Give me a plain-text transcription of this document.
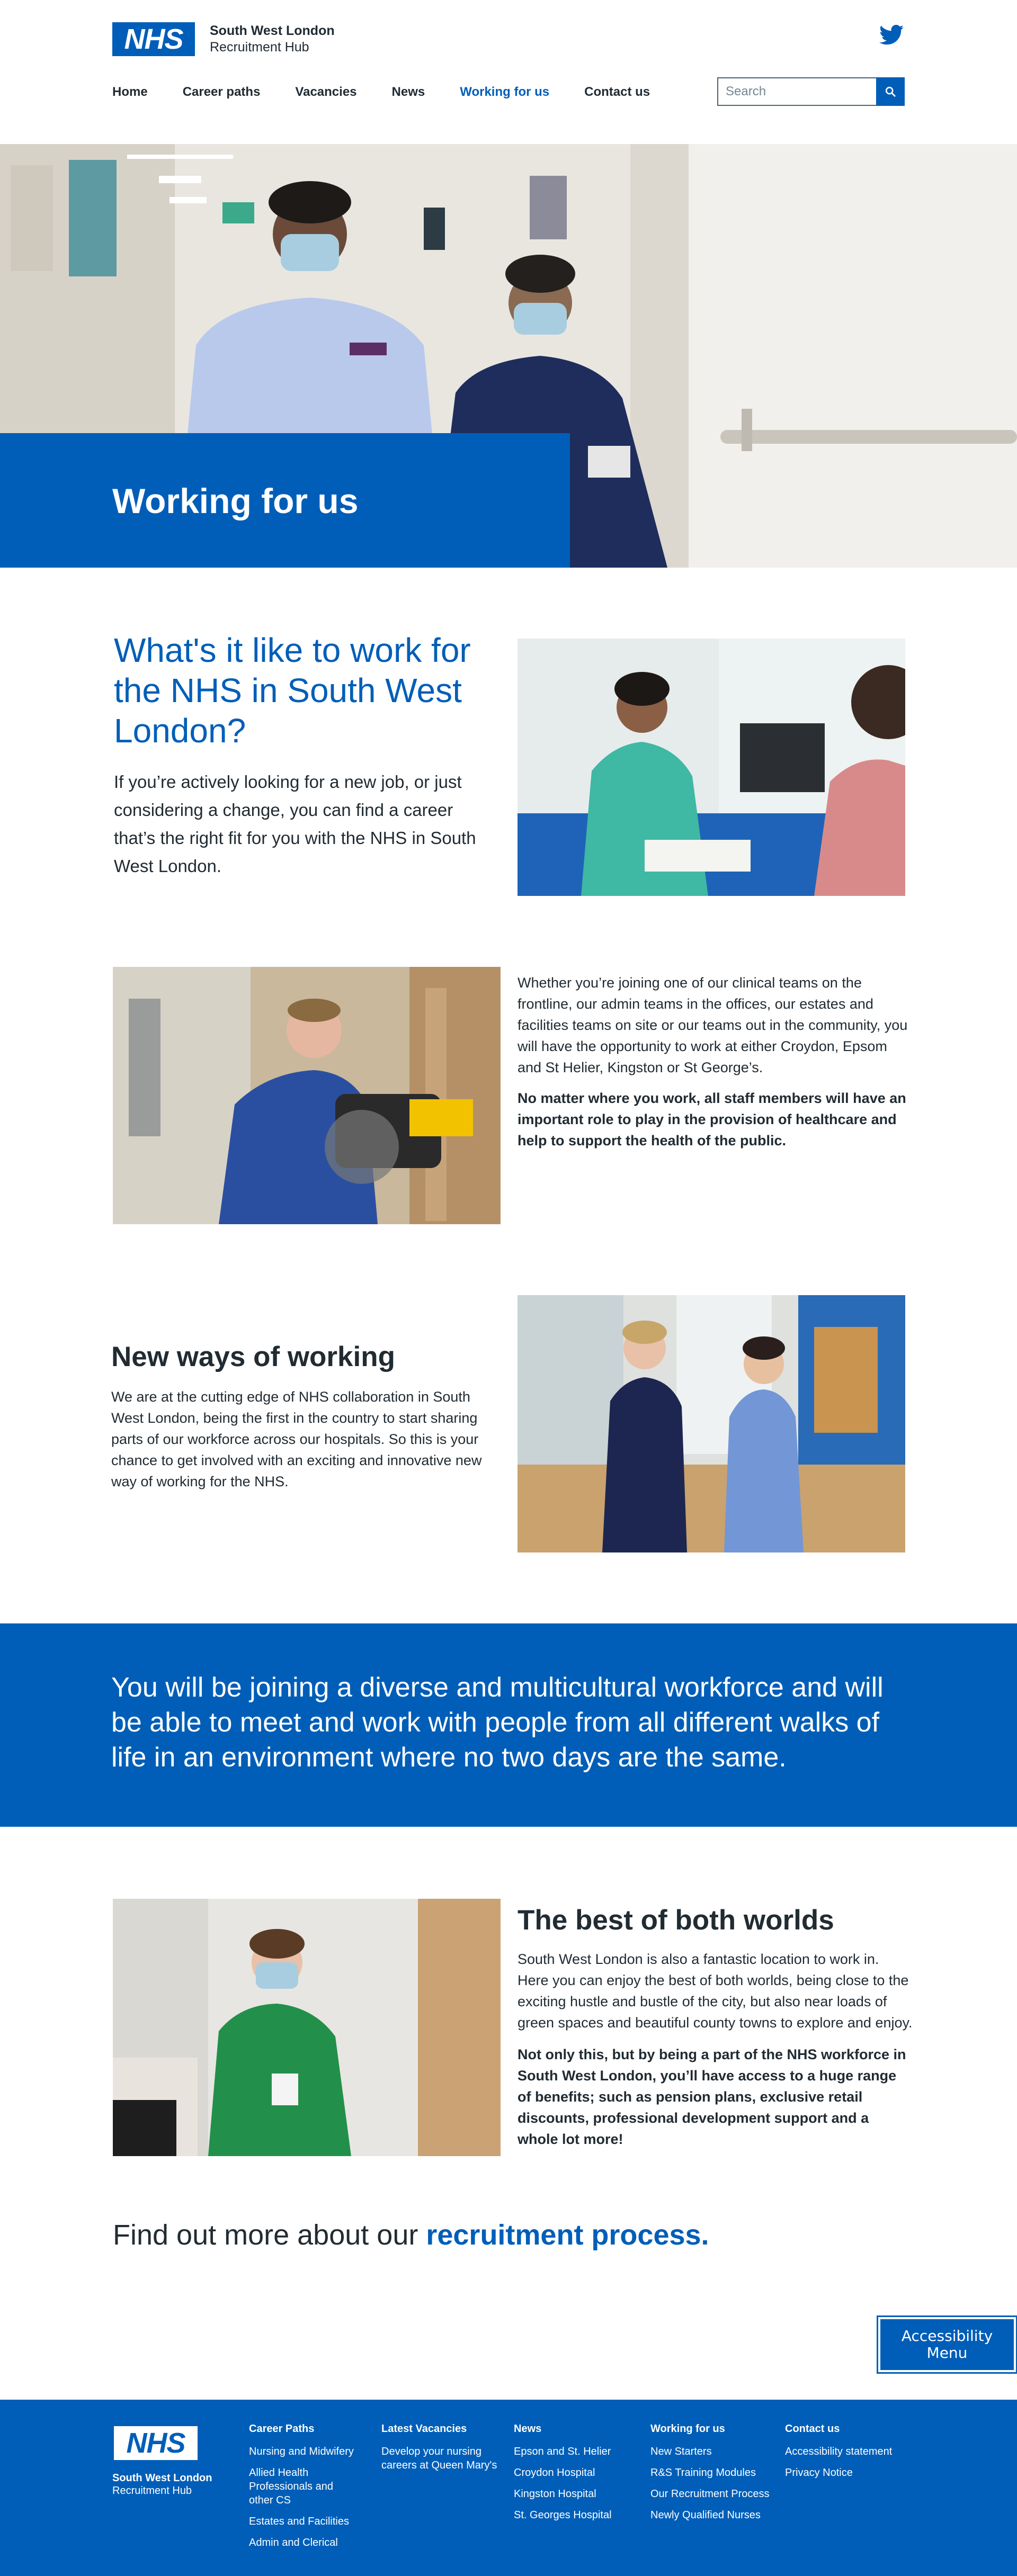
NHS	South West London
Recruitment Hub
Home	Career paths	Vacancies	News	Working for us	Contact us
Search
Working for us
What's it like to work for the NHS in South West London?

If you’re actively looking for a new job, or just considering a change, you can find a career that’s the right fit for you with the NHS in South West London.

Whether you’re joining one of our clinical teams on the frontline, our admin teams in the offices, our estates and facilities teams on site or our teams out in the community, you will have the opportunity to work at either Croydon, Epsom and St Helier, Kingston or St George’s.

No matter where you work, all staff members will have an important role to play in the provision of healthcare and help to support the health of the public.

New ways of working

We are at the cutting edge of NHS collaboration in South West London, being the first in the country to start sharing parts of our workforce across our hospitals. So this is your chance to get involved with an exciting and innovative new way of working for the NHS.

You will be joining a diverse and multicultural workforce and will be able to meet and work with people from all different walks of life in an environment where no two days are the same.

The best of both worlds

South West London is also a fantastic location to work in. Here you can enjoy the best of both worlds, being close to the exciting hustle and bustle of the city, but also near loads of green spaces and beautiful county towns to explore and enjoy.

Not only this, but by being a part of the NHS workforce in South West London, you’ll have access to a huge range of benefits; such as pension plans, exclusive retail discounts, professional development support and a whole lot more!

Find out more about our recruitment process.

Accessibility
Menu
NHS
South West London
Recruitment Hub
Career Paths
Nursing and Midwifery
Allied Health Professionals and other CS
Estates and Facilities
Admin and Clerical
Latest Vacancies
Develop your nursing careers at Queen Mary's
News
Epson and St. Helier
Croydon Hospital
Kingston Hospital
St. Georges Hospital
Working for us
New Starters
R&S Training Modules
Our Recruitment Process
Newly Qualified Nurses
Contact us
Accessibility statement
Privacy Notice
